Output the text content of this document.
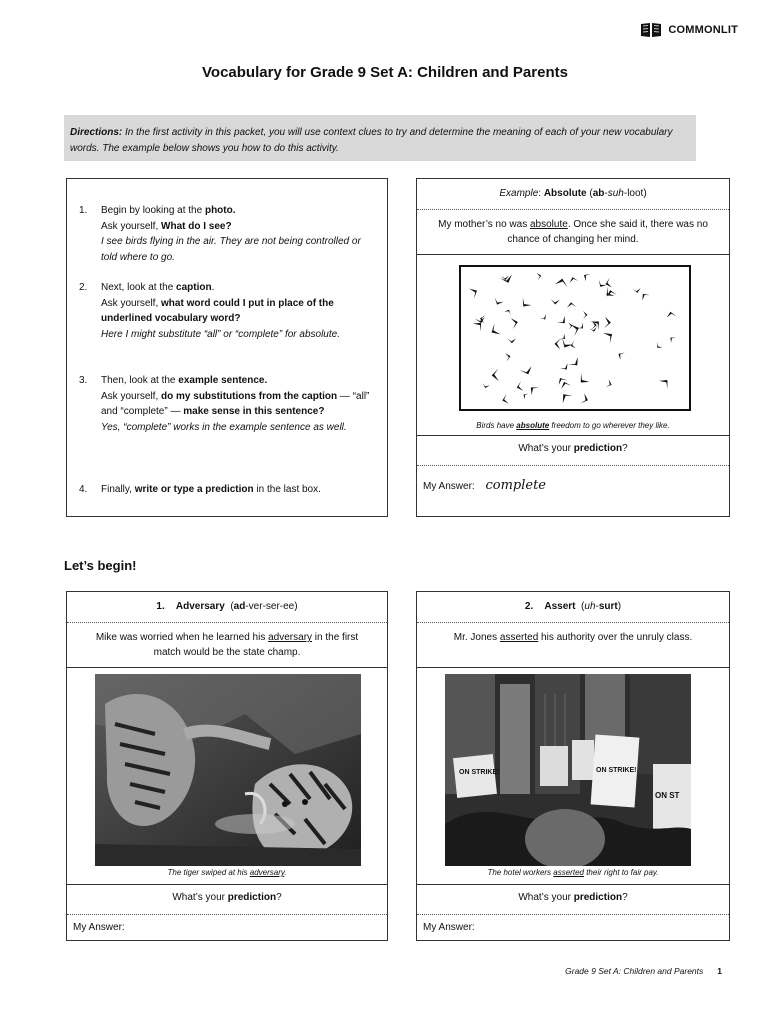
COMMONLIT
Vocabulary for Grade 9 Set A: Children and Parents
Directions: In the first activity in this packet, you will use context clues to try and determine the meaning of each of your new vocabulary words. The example below shows you how to do this activity.
1.	Begin by looking at the photo.
Ask yourself, What do I see?
I see birds flying in the air. They are not being controlled or told where to go.
2.	Next, look at the caption.
Ask yourself, what word could I put in place of the underlined vocabulary word?
Here I might substitute “all” or “complete” for absolute.
3.	Then, look at the example sentence.
Ask yourself, do my substitutions from the caption — “all” and “complete” — make sense in this sentence?
Yes, “complete” works in the example sentence as well.
4.	Finally, write or type a prediction in the last box.
Example: Absolute (ab-suh-loot)
My mother’s no was absolute. Once she said it, there was no chance of changing her mind.
Birds have absolute freedom to go wherever they like.
What’s your prediction?
My Answer: complete
Let’s begin!
1. Adversary  (ad-ver-ser-ee)
Mike was worried when he learned his adversary in the first match would be the state champ.
The tiger swiped at his adversary.
What’s your prediction?
My Answer:
2. Assert  (uh-surt)
Mr. Jones asserted his authority over the unruly class.
ON STRIKE!	ON STRIKE!
ON ST
The hotel workers asserted their right to fair pay.
What’s your prediction?
My Answer:
Grade 9 Set A: Children and Parents 1
